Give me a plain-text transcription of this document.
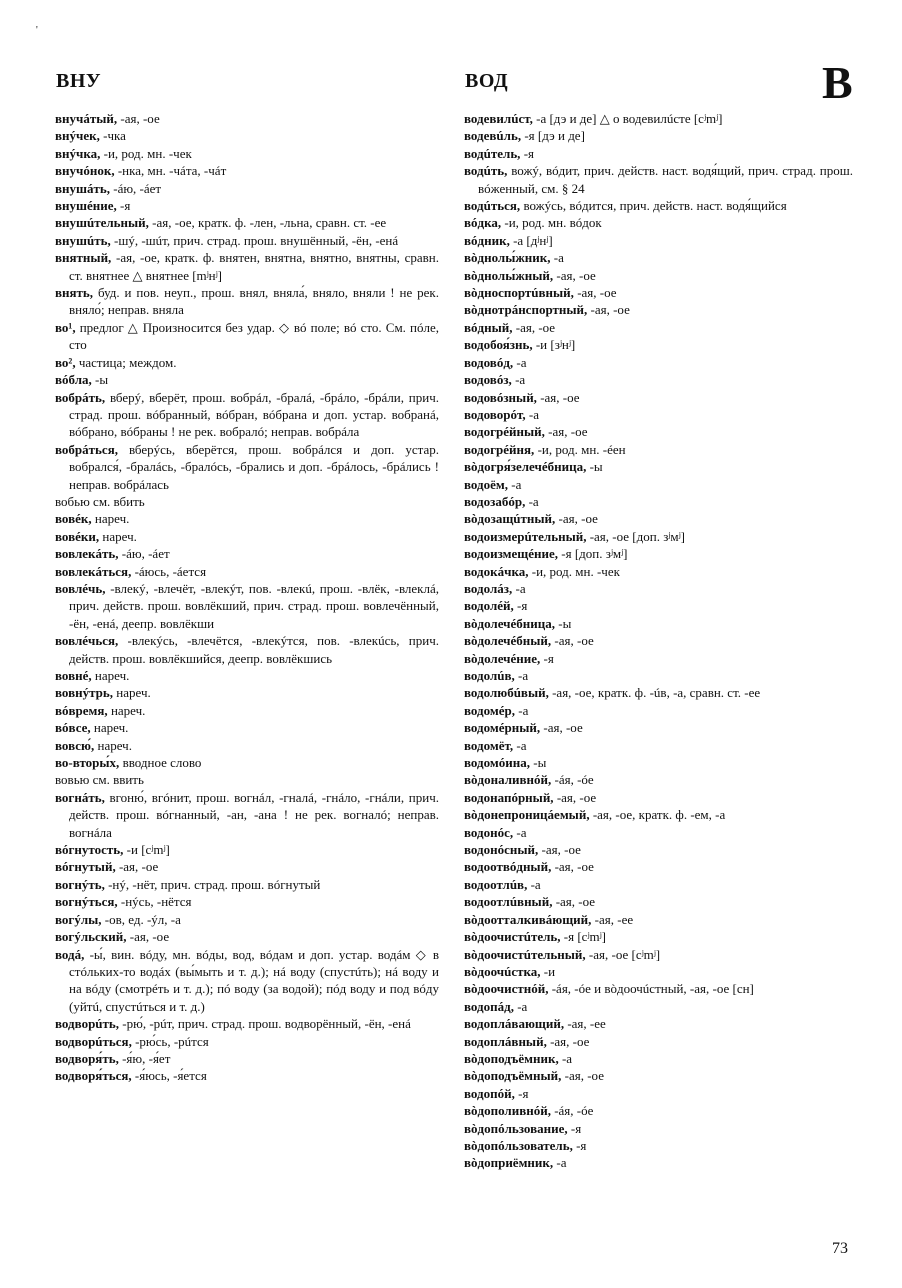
'
ВНУ	ВОД	В
внучáтый, -ая, -ое
внýчек, -чка
внýчка, -и, род. мн. -чек
внучóнок, -нка, мн. -чáта, -чáт
внушáть, -áю, -áет
внушéние, -я
внушúтельный, -ая, -ое, кратк. ф. -лен, -льна, сравн. ст. -ее
внушúть, -шý, -шúт, прич. страд. прош. внушённый, -ён, -енá
внятный, -ая, -ое, кратк. ф. внятен, внятна, внятно, внятны, сравн. ст. внятнее △ внятнее [mʲнʲ]
внять, буд. и пов. неуп., прош. внял, вняла́, вняло, вняли ! не рек. вняло́; неправ. вняла
во¹, предлог △ Произносится без удар. ◇ вó поле; вó сто. См. пóле, сто
во², частица; междом.
вóбла, -ы
вобрáть, вберý, вберёт, прош. вобрáл, -бралá, -брáло, -брáли, прич. страд. прош. вóбранный, вóбран, вóбрана и доп. устар. вобранá, вóбрано, вóбраны ! не рек. вобралó; неправ. вобрáла
вобрáться, вберýсь, вберётся, прош. вобрáлся и доп. устар. вобрался́, -бралáсь, -бралóсь, -брались и доп. -брáлось, -брáлись ! неправ. вобрáлась
вобью см. вбить
вовéк, нареч.
вовéки, нареч.
вовлекáть, -áю, -áет
вовлекáться, -áюсь, -áется
вовлéчь, -влекý, -влечёт, -влекýт, пов. -влекú, прош. -влёк, -влеклá, прич. действ. прош. вовлёкший, прич. страд. прош. вовлечённый, -ён, -енá, деепр. вовлёкши
вовлéчься, -влекýсь, -влечётся, -влекýтся, пов. -влекúсь, прич. действ. прош. вовлёкшийся, деепр. вовлёкшись
вовнé, нареч.
вовнýтрь, нареч.
вóвремя, нареч.
вóвсе, нареч.
вовсю́, нареч.
во-вторы́х, вводное слово
вовью см. ввить
вогнáть, вгоню́, вгóнит, прош. вогнáл, -гналá, -гнáло, -гнáли, прич. действ. прош. вóгнанный, -ан, -ана ! не рек. вогналó; неправ. вогнáла
вóгнутость, -и [cʲmʲ]
вóгнутый, -ая, -ое
вогнýть, -нý, -нёт, прич. страд. прош. вóгнутый
вогнýться, -нýсь, -нётся
вогýлы, -ов, ед. -ýл, -а
вогýльский, -ая, -ое
водá, -ы́, вин. вóду, мн. вóды, вод, вóдам и доп. устар. водáм ◇ в стóльких-то водáх (вы́мыть и т. д.); нá воду (спустúть); нá воду и на вóду (смотрéть и т. д.); пó воду (за водой); пóд воду и под вóду (уйтú, спустúться и т. д.)
водворúть, -рю́, -рúт, прич. страд. прош. водворённый, -ён, -енá
водворúться, -рю́сь, -рúтся
водворя́ть, -я́ю, -я́ет
водворя́ться, -я́юсь, -я́ется
водевилúст, -а [дэ и де] △ о водевилúсте [cʲmʲ]
водевúль, -я [дэ и де]
водúтель, -я
водúть, вожý, вóдит, прич. действ. наст. водя́щий, прич. страд. прош. вóженный, см. § 24
водúться, вожýсь, вóдится, прич. действ. наст. водя́щийся
вóдка, -и, род. мн. вóдок
вóдник, -а [дʲнʲ]
вòднолы́жник, -а
вòднолы́жный, -ая, -ое
вòдноспортúвный, -ая, -ое
вòднотрáнспортный, -ая, -ое
вóдный, -ая, -ое
водобоя́знь, -и [зʲнʲ]
водовóд, -а
водовóз, -а
водовóзный, -ая, -ое
водоворóт, -а
водогрéйный, -ая, -ое
водогрéйня, -и, род. мн. -éен
вòдогря́зелечéбница, -ы
водоём, -а
водозабóр, -а
вòдозащúтный, -ая, -ое
водоизмерúтельный, -ая, -ое [доп. зʲмʲ]
водоизмещéние, -я [доп. зʲмʲ]
водокáчка, -и, род. мн. -чек
водолáз, -а
водолéй, -я
вòдолечéбница, -ы
вòдолечéбный, -ая, -ое
вòдолечéние, -я
водолúв, -а
водолюбúвый, -ая, -ое, кратк. ф. -úв, -а, сравн. ст. -ее
водомéр, -а
водомéрный, -ая, -ое
водомёт, -а
водомóина, -ы
вòдоналивнóй, -áя, -óе
водонапóрный, -ая, -ое
вòдонепроницáемый, -ая, -ое, кратк. ф. -ем, -а
водонóс, -а
водонóсный, -ая, -ое
водоотвóдный, -ая, -ое
водоотлúв, -а
водоотлúвный, -ая, -ое
вòдоотталкивáющий, -ая, -ее
вòдоочистúтель, -я [cʲmʲ]
вòдоочистúтельный, -ая, -ое [cʲmʲ]
вòдоочúстка, -и
вòдоочистнóй, -áя, -óе и вòдоочúстный, -ая, -ое [сн]
водопáд, -а
водоплáвающий, -ая, -ее
водоплáвный, -ая, -ое
вòдоподъёмник, -а
вòдоподъёмный, -ая, -ое
водопóй, -я
вòдополивнóй, -áя, -óе
вòдопóльзование, -я
вòдопóльзователь, -я
вòдоприёмник, -а
73
